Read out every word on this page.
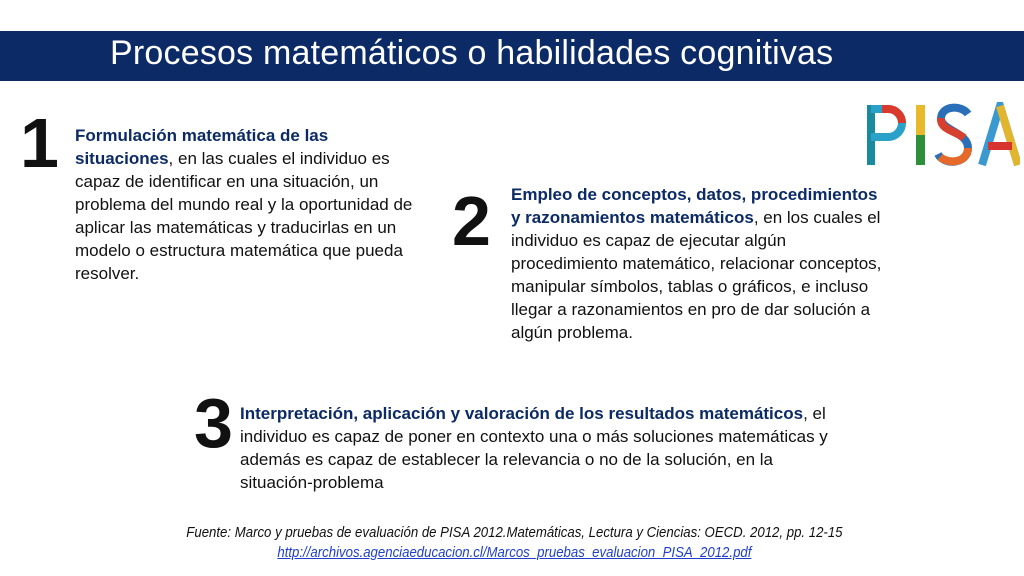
Procesos matemáticos o habilidades cognitivas
1 Formulación matemática de las situaciones, en las cuales el individuo es capaz de identificar en una situación, un problema del mundo real y la oportunidad de aplicar las matemáticas y traducirlas en un modelo o estructura matemática que pueda resolver.
2 Empleo de conceptos, datos, procedimientos y razonamientos matemáticos, en los cuales el individuo es capaz de ejecutar algún procedimiento matemático, relacionar conceptos, manipular símbolos, tablas o gráficos, e incluso llegar a razonamientos en pro de dar solución a algún problema.
3 Interpretación, aplicación y valoración de los resultados matemáticos, el individuo es capaz de poner en contexto una o más soluciones matemáticas y además es capaz de establecer la relevancia o no de la solución, en la situación-problema
Fuente: Marco y pruebas de evaluación de PISA 2012.Matemáticas, Lectura y Ciencias: OECD. 2012, pp. 12-15
http://archivos.agenciaeducacion.cl/Marcos_pruebas_evaluacion_PISA_2012.pdf
